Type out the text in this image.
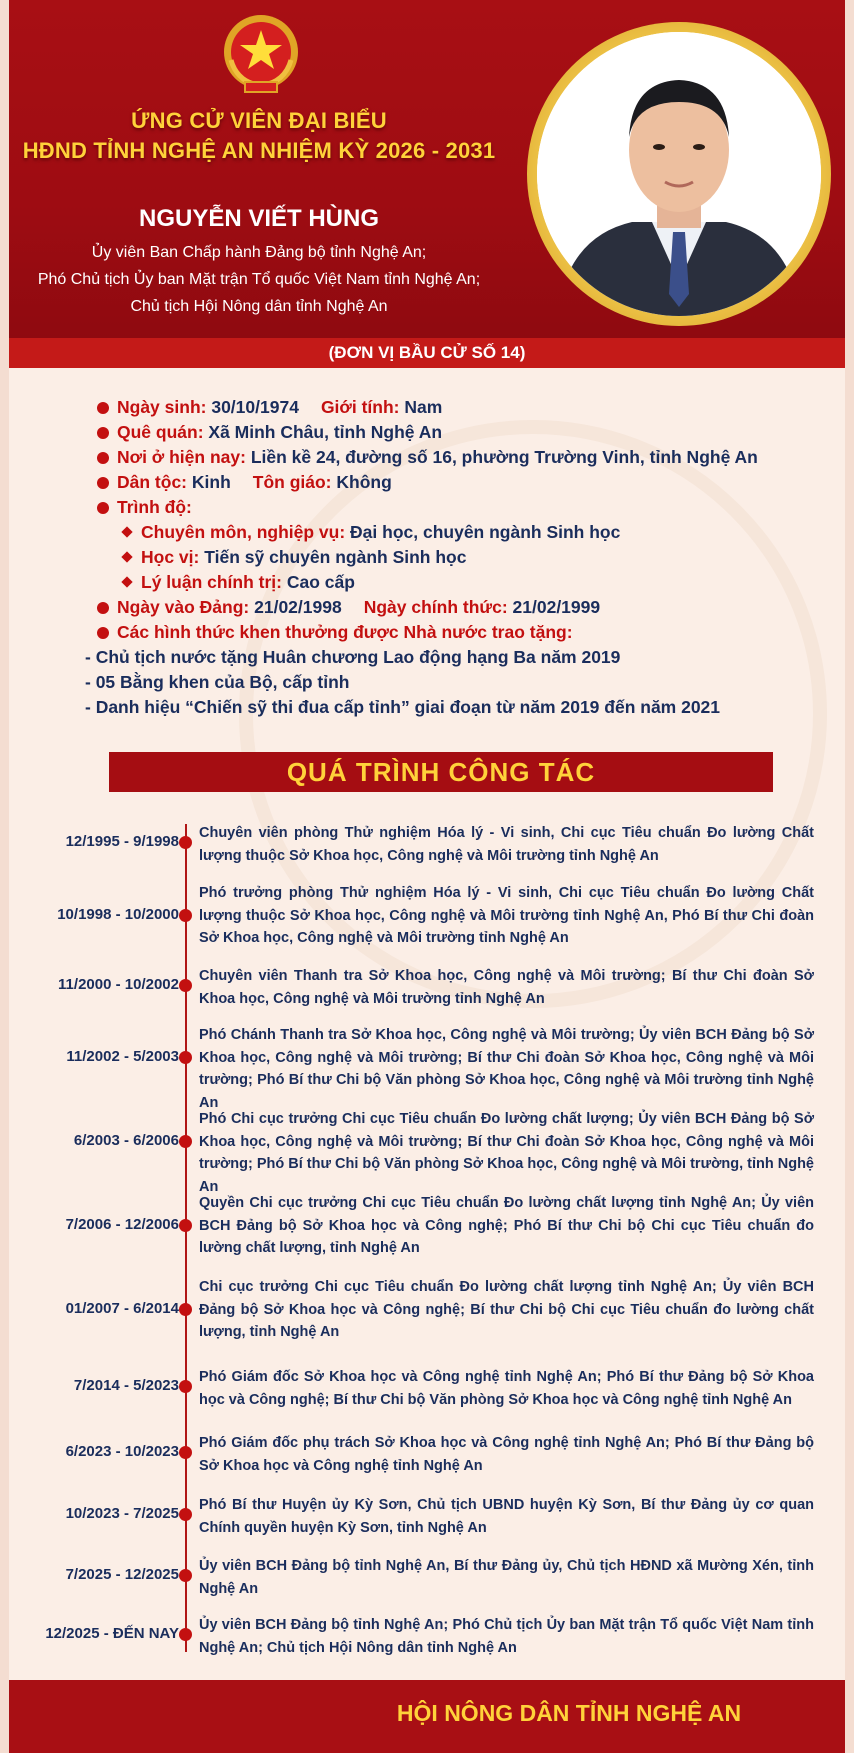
ỨNG CỬ VIÊN ĐẠI BIỂU
HĐND TỈNH NGHỆ AN NHIỆM KỲ 2026 - 2031
NGUYỄN VIẾT HÙNG
Ủy viên Ban Chấp hành Đảng bộ tỉnh Nghệ An;
Phó Chủ tịch Ủy ban Mặt trận Tổ quốc Việt Nam tỉnh Nghệ An;
Chủ tịch Hội Nông dân tỉnh Nghệ An
(ĐƠN VỊ BẦU CỬ SỐ 14)
Ngày sinh: 30/10/1974 Giới tính: Nam
Quê quán: Xã Minh Châu, tỉnh Nghệ An
Nơi ở hiện nay: Liền kề 24, đường số 16, phường Trường Vinh, tỉnh Nghệ An
Dân tộc: Kinh Tôn giáo: Không
Trình độ:
Chuyên môn, nghiệp vụ: Đại học, chuyên ngành Sinh học
Học vị: Tiến sỹ chuyên ngành Sinh học
Lý luận chính trị: Cao cấp
Ngày vào Đảng: 21/02/1998 Ngày chính thức: 21/02/1999
Các hình thức khen thưởng được Nhà nước trao tặng:
- Chủ tịch nước tặng Huân chương Lao động hạng Ba năm 2019
- 05 Bằng khen của Bộ, cấp tỉnh
- Danh hiệu “Chiến sỹ thi đua cấp tỉnh” giai đoạn từ năm 2019 đến năm 2021
QUÁ TRÌNH CÔNG TÁC
12/1995 - 9/1998 Chuyên viên phòng Thử nghiệm Hóa lý - Vi sinh, Chi cục Tiêu chuẩn Đo lường Chất lượng thuộc Sở Khoa học, Công nghệ và Môi trường tỉnh Nghệ An
10/1998 - 10/2000
Phó trưởng phòng Thử nghiệm Hóa lý - Vi sinh, Chi cục Tiêu chuẩn Đo lường Chất lượng thuộc Sở Khoa học, Công nghệ và Môi trường tỉnh Nghệ An, Phó Bí thư Chi đoàn Sở Khoa học, Công nghệ và Môi trường tỉnh Nghệ An
11/2000 - 10/2002 Chuyên viên Thanh tra Sở Khoa học, Công nghệ và Môi trường; Bí thư Chi đoàn Sở Khoa học, Công nghệ và Môi trường tỉnh Nghệ An
11/2002 - 5/2003
Phó Chánh Thanh tra Sở Khoa học, Công nghệ và Môi trường; Ủy viên BCH Đảng bộ Sở Khoa học, Công nghệ và Môi trường; Bí thư Chi đoàn Sở Khoa học, Công nghệ và Môi trường; Phó Bí thư Chi bộ Văn phòng Sở Khoa học, Công nghệ và Môi trường tỉnh Nghệ An
6/2003 - 6/2006
Phó Chi cục trưởng Chi cục Tiêu chuẩn Đo lường chất lượng; Ủy viên BCH Đảng bộ Sở Khoa học, Công nghệ và Môi trường; Bí thư Chi đoàn Sở Khoa học, Công nghệ và Môi trường; Phó Bí thư Chi bộ Văn phòng Sở Khoa học, Công nghệ và Môi trường, tỉnh Nghệ An
7/2006 - 12/2006
Quyền Chi cục trưởng Chi cục Tiêu chuẩn Đo lường chất lượng tỉnh Nghệ An; Ủy viên BCH Đảng bộ Sở Khoa học và Công nghệ; Phó Bí thư Chi bộ Chi cục Tiêu chuẩn đo lường chất lượng, tỉnh Nghệ An
01/2007 - 6/2014
Chi cục trưởng Chi cục Tiêu chuẩn Đo lường chất lượng tỉnh Nghệ An; Ủy viên BCH Đảng bộ Sở Khoa học và Công nghệ; Bí thư Chi bộ Chi cục Tiêu chuẩn đo lường chất lượng, tỉnh Nghệ An
7/2014 - 5/2023 Phó Giám đốc Sở Khoa học và Công nghệ tỉnh Nghệ An; Phó Bí thư Đảng bộ Sở Khoa học và Công nghệ; Bí thư Chi bộ Văn phòng Sở Khoa học và Công nghệ tỉnh Nghệ An
6/2023 - 10/2023 Phó Giám đốc phụ trách Sở Khoa học và Công nghệ tỉnh Nghệ An; Phó Bí thư Đảng bộ Sở Khoa học và Công nghệ tỉnh Nghệ An
10/2023 - 7/2025 Phó Bí thư Huyện ủy Kỳ Sơn, Chủ tịch UBND huyện Kỳ Sơn, Bí thư Đảng ủy cơ quan Chính quyền huyện Kỳ Sơn, tỉnh Nghệ An
7/2025 - 12/2025 Ủy viên BCH Đảng bộ tỉnh Nghệ An, Bí thư Đảng ủy, Chủ tịch HĐND xã Mường Xén, tỉnh Nghệ An
12/2025 - ĐẾN NAY Ủy viên BCH Đảng bộ tỉnh Nghệ An; Phó Chủ tịch Ủy ban Mặt trận Tổ quốc Việt Nam tỉnh Nghệ An; Chủ tịch Hội Nông dân tỉnh Nghệ An
HỘI NÔNG DÂN TỈNH NGHỆ AN
